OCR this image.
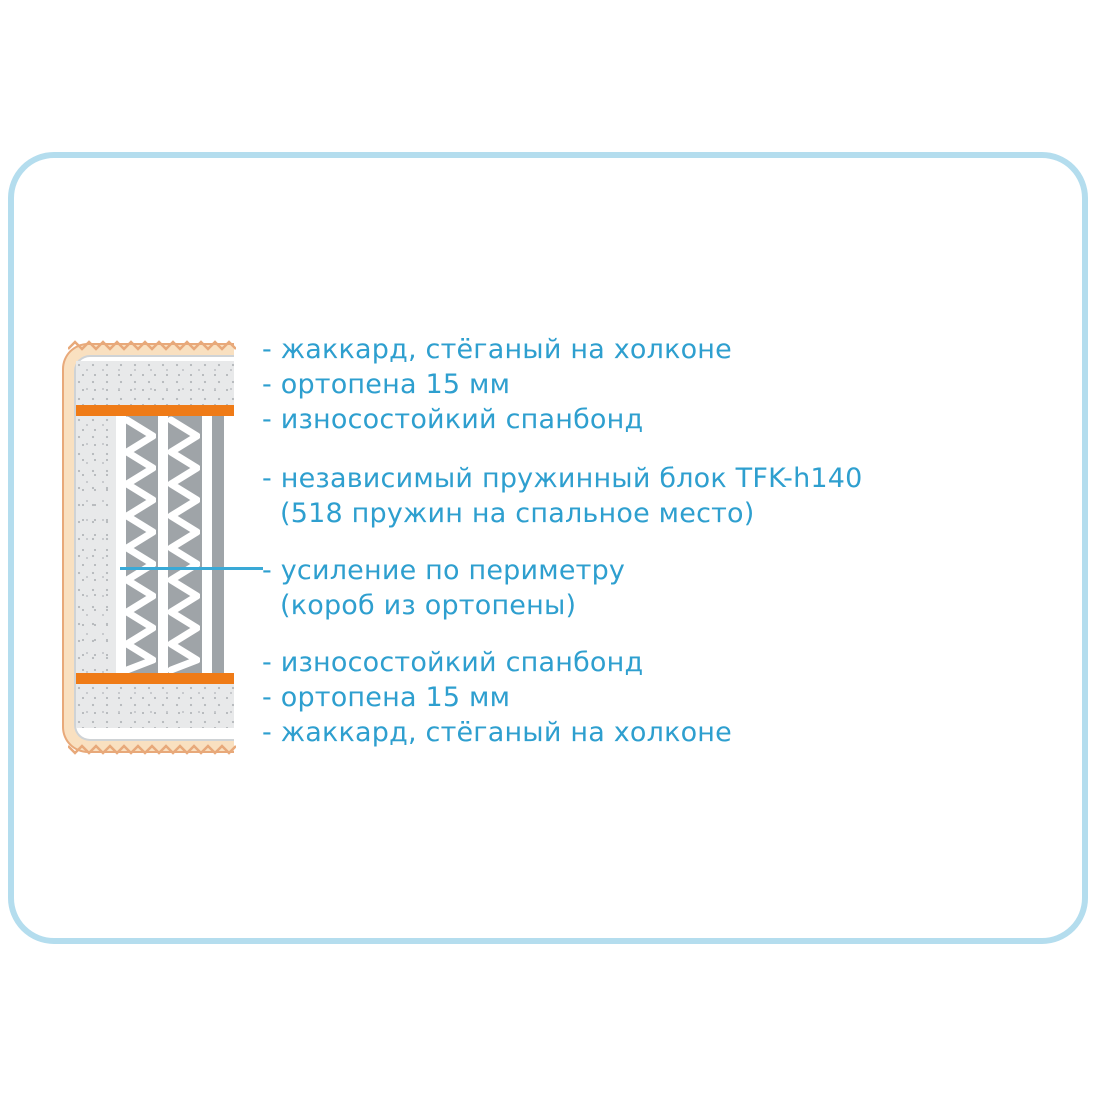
- жаккард, стёганый на холконе
- ортопена 15 мм
- износостойкий спанбонд
- независимый пружинный блок TFK-h140
(518 пружин на спальное место)
- усиление по периметру
(короб из ортопены)
- износостойкий спанбонд
- ортопена 15 мм
- жаккард, стёганый на холконе
